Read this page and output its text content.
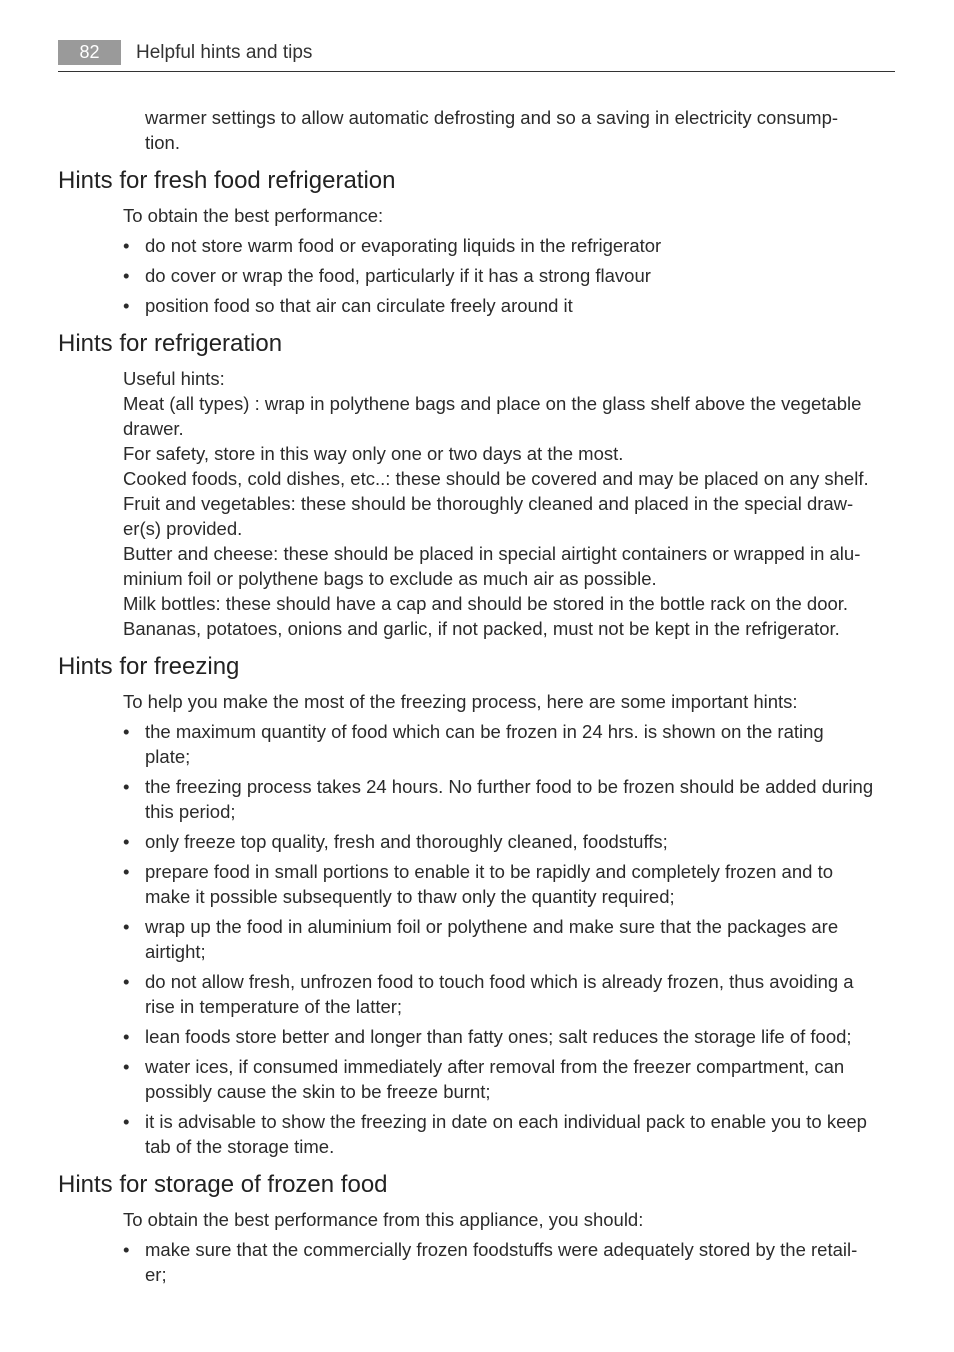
82	Helpful hints and tips
warmer settings to allow automatic defrosting and so a saving in electricity consump-
tion.
Hints for fresh food refrigeration
To obtain the best performance:
• do not store warm food or evaporating liquids in the refrigerator
• do cover or wrap the food, particularly if it has a strong flavour
• position food so that air can circulate freely around it
Hints for refrigeration
Useful hints:
Meat (all types) : wrap in polythene bags and place on the glass shelf above the vegetable
drawer.
For safety, store in this way only one or two days at the most.
Cooked foods, cold dishes, etc..: these should be covered and may be placed on any shelf.
Fruit and vegetables: these should be thoroughly cleaned and placed in the special draw-
er(s) provided.
Butter and cheese: these should be placed in special airtight containers or wrapped in alu-
minium foil or polythene bags to exclude as much air as possible.
Milk bottles: these should have a cap and should be stored in the bottle rack on the door.
Bananas, potatoes, onions and garlic, if not packed, must not be kept in the refrigerator.
Hints for freezing
To help you make the most of the freezing process, here are some important hints:
• the maximum quantity of food which can be frozen in 24 hrs. is shown on the rating
plate;
• the freezing process takes 24 hours. No further food to be frozen should be added during
this period;
• only freeze top quality, fresh and thoroughly cleaned, foodstuffs;
• prepare food in small portions to enable it to be rapidly and completely frozen and to
make it possible subsequently to thaw only the quantity required;
• wrap up the food in aluminium foil or polythene and make sure that the packages are
airtight;
• do not allow fresh, unfrozen food to touch food which is already frozen, thus avoiding a
rise in temperature of the latter;
• lean foods store better and longer than fatty ones; salt reduces the storage life of food;
• water ices, if consumed immediately after removal from the freezer compartment, can
possibly cause the skin to be freeze burnt;
• it is advisable to show the freezing in date on each individual pack to enable you to keep
tab of the storage time.
Hints for storage of frozen food
To obtain the best performance from this appliance, you should:
• make sure that the commercially frozen foodstuffs were adequately stored by the retail-
er;
